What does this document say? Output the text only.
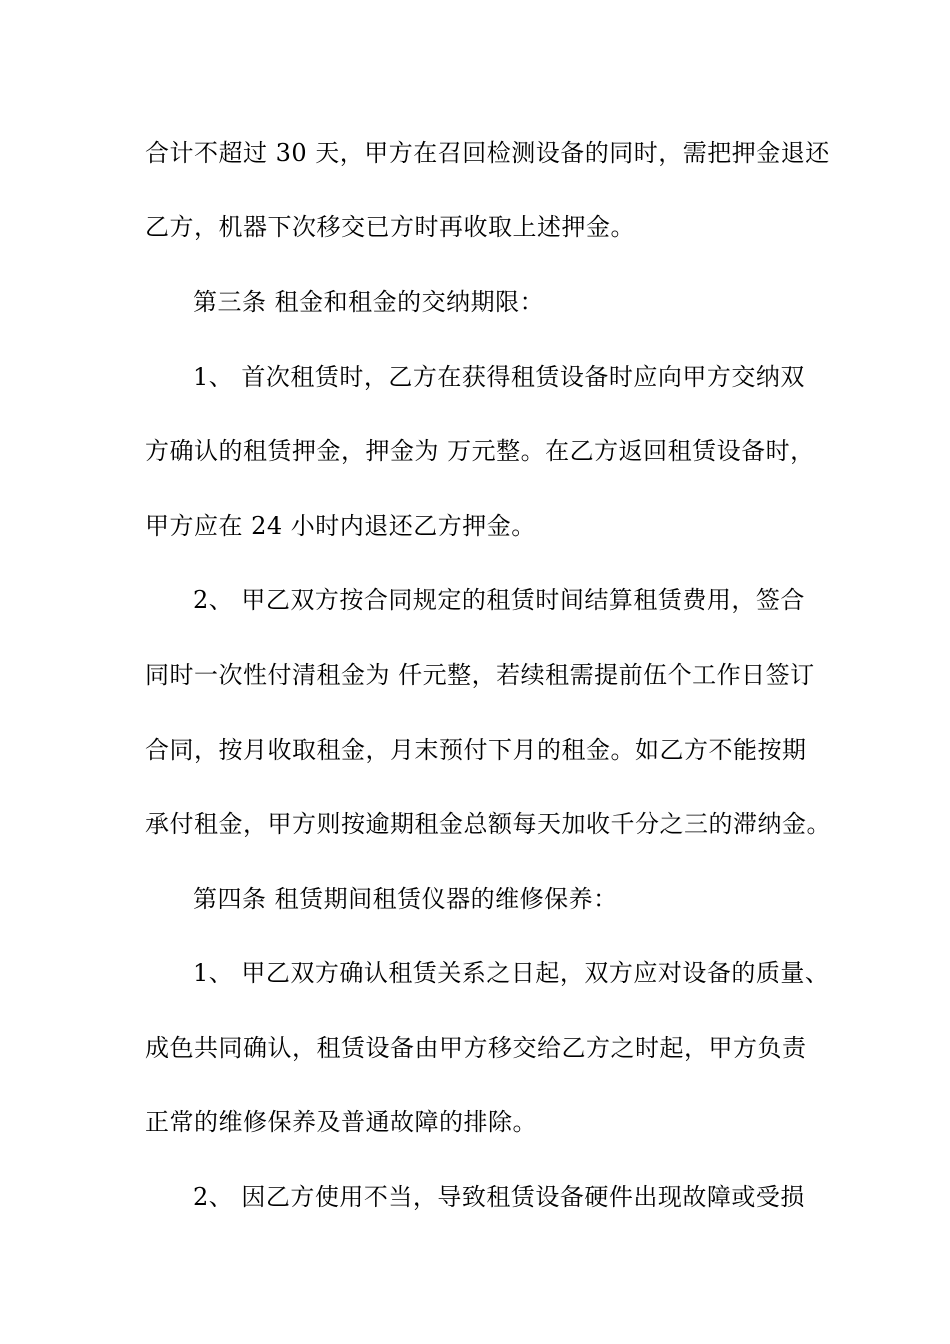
合计不超过 30 天，甲方在召回检测设备的同时，需把押金退还
乙方，机器下次移交已方时再收取上述押金。
第三条 租金和租金的交纳期限：
1、 首次租赁时，乙方在获得租赁设备时应向甲方交纳双
方确认的租赁押金，押金为 万元整。在乙方返回租赁设备时，
甲方应在 24 小时内退还乙方押金。
2、 甲乙双方按合同规定的租赁时间结算租赁费用，签合
同时一次性付清租金为 仟元整，若续租需提前伍个工作日签订
合同，按月收取租金，月末预付下月的租金。如乙方不能按期
承付租金，甲方则按逾期租金总额每天加收千分之三的滞纳金。
第四条 租赁期间租赁仪器的维修保养：
1、 甲乙双方确认租赁关系之日起，双方应对设备的质量、
成色共同确认，租赁设备由甲方移交给乙方之时起，甲方负责
正常的维修保养及普通故障的排除。
2、 因乙方使用不当，导致租赁设备硬件出现故障或受损
